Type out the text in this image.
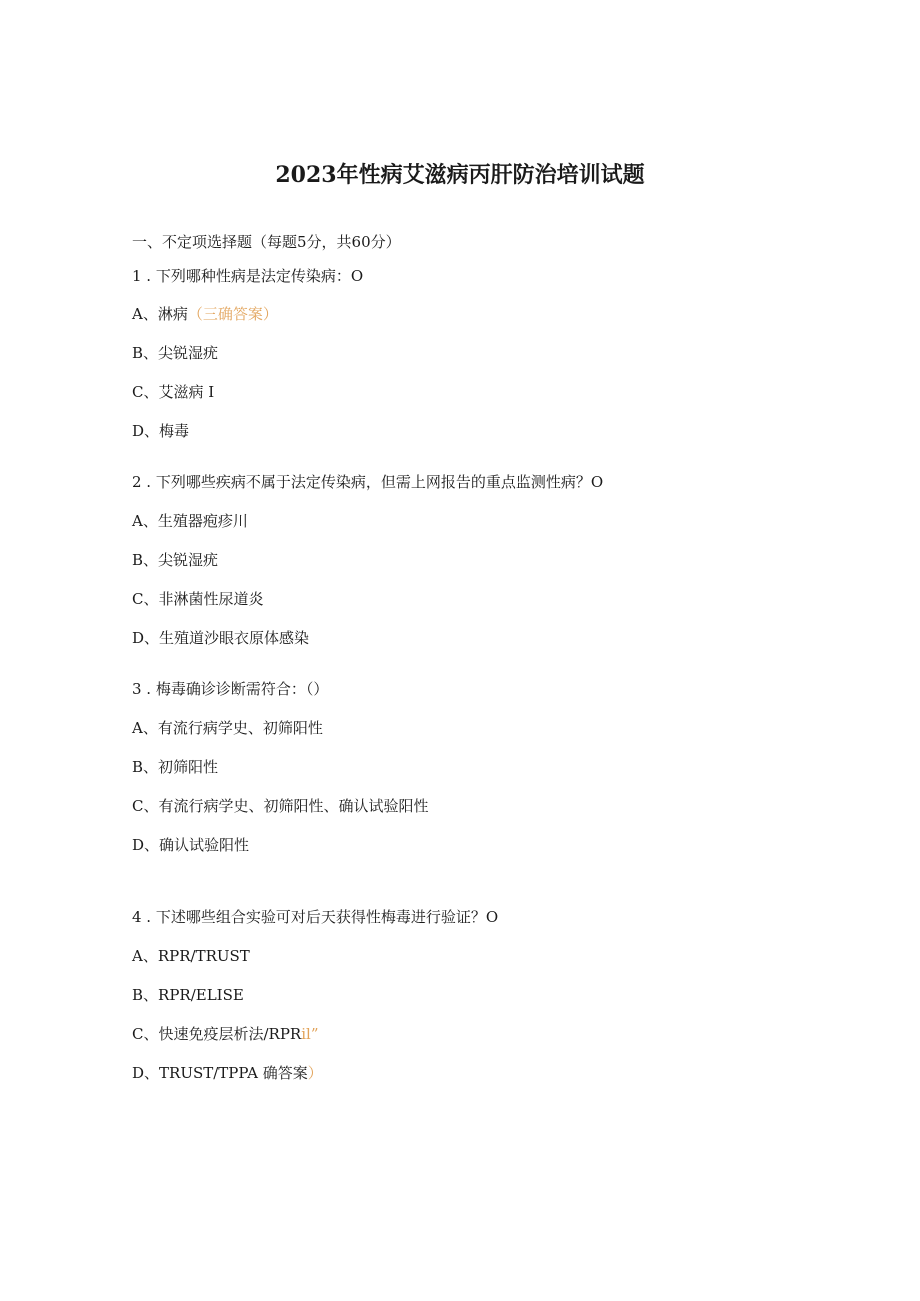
2023年性病艾滋病丙肝防治培训试题
一、不定项选择题（每题5分，共60分）
1 . 下列哪种性病是法定传染病：O
A、淋病（三确答案）
B、尖锐湿疣
C、艾滋病 I
D、梅毒
2 . 下列哪些疾病不属于法定传染病，但需上网报告的重点监测性病？O
A、生殖器疱疹川
B、尖锐湿疣
C、非淋菌性尿道炎
D、生殖道沙眼衣原体感染
3 . 梅毒确诊诊断需符合：（）
A、有流行病学史、初筛阳性
B、初筛阳性
C、有流行病学史、初筛阳性、确认试验阳性
D、确认试验阳性
4 . 下述哪些组合实验可对后天获得性梅毒进行验证？O
A、RPR/TRUST
B、RPR/ELISE
C、快速免疫层析法/RPRil”
D、TRUST/TPPA 确答案）
